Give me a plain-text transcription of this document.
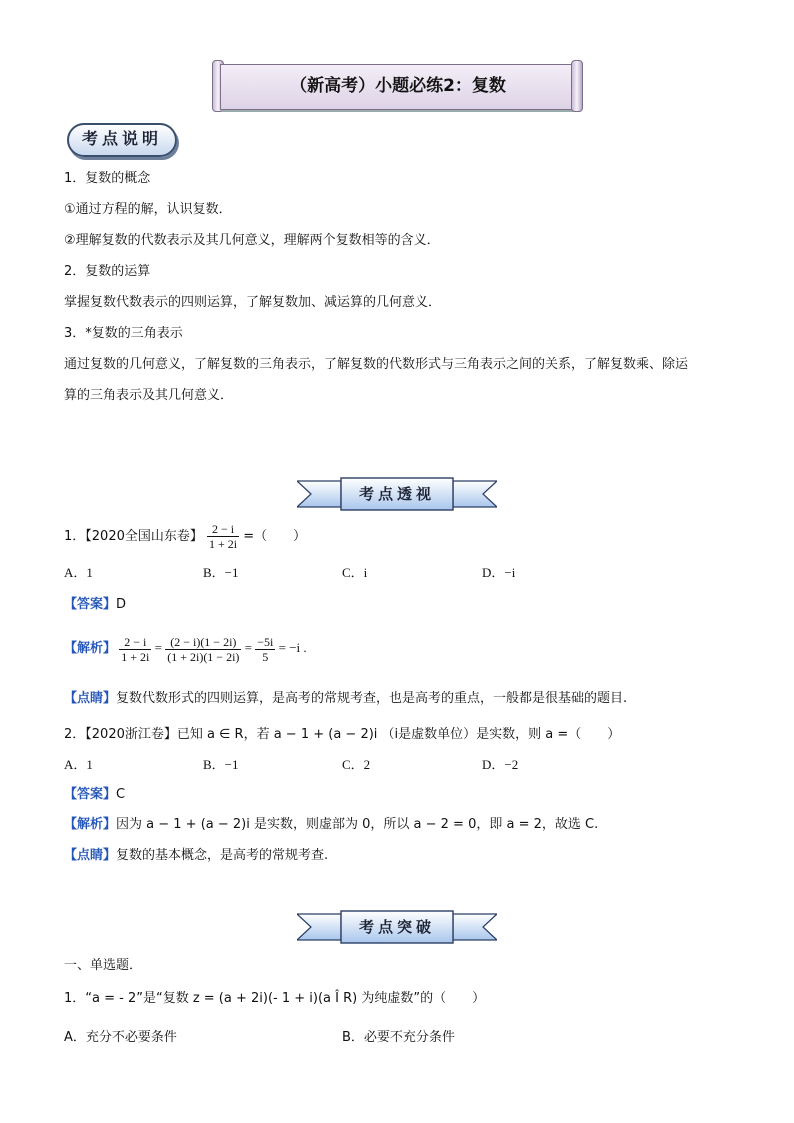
（新高考）小题必练2：复数
考点说明
1．复数的概念
①通过方程的解，认识复数．
②理解复数的代数表示及其几何意义，理解两个复数相等的含义．
2．复数的运算
掌握复数代数表示的四则运算，了解复数加、减运算的几何意义．
3．*复数的三角表示
通过复数的几何意义，了解复数的三角表示，了解复数的代数形式与三角表示之间的关系，了解复数乘、除运
算的三角表示及其几何意义．
考点透视
1．【2020全国山东卷】 $\frac{2 - i}{1 + 2i}$ =（　　）
A．1	B．−1	C．i	D．−i
【答案】D
【解析】 $\frac{2 - i}{1 + 2i} = \frac{(2 - i)(1 - 2i)}{(1 + 2i)(1 - 2i)} = \frac{-5i}{5} = -i$ .
【点睛】复数代数形式的四则运算，是高考的常规考查，也是高考的重点，一般都是很基础的题目.
2．【2020浙江卷】已知 a ∈ R，若 a − 1 + (a − 2)i （i是虚数单位）是实数，则 a =（　　）
A．1	B．−1	C．2	D．−2
【答案】C
【解析】因为 a − 1 + (a − 2)i 是实数，则虚部为 0，所以 a − 2 = 0，即 a = 2，故选 C.
【点睛】复数的基本概念，是高考的常规考查.
考点突破
一、单选题．
1．“a = - 2”是“复数 z = (a + 2i)(- 1 + i)(a Î R) 为纯虚数”的（　　）
A．充分不必要条件	B．必要不充分条件
